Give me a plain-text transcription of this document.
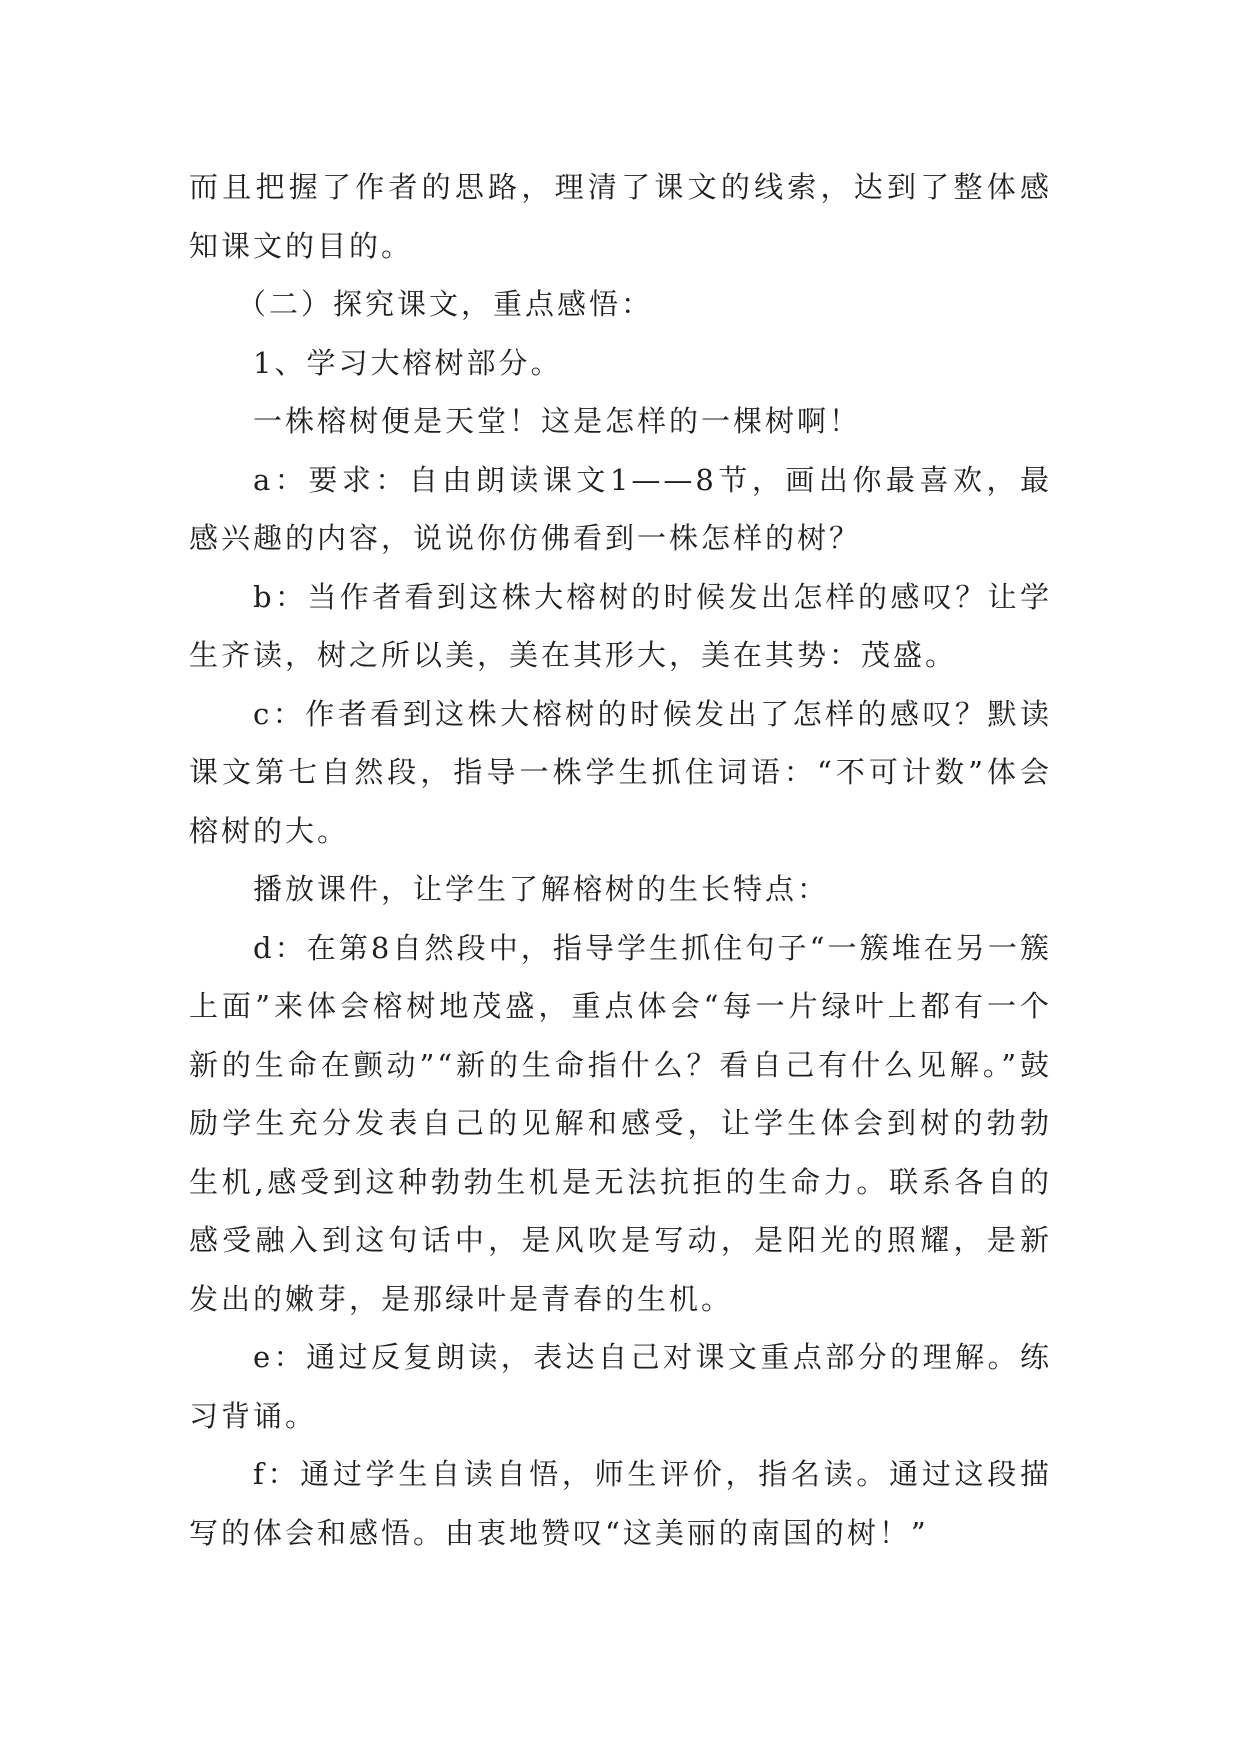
而且把握了作者的思路，理清了课文的线索，达到了整体感知课文的目的。

（二）探究课文，重点感悟：

1、学习大榕树部分。

一株榕树便是天堂！这是怎样的一棵树啊！

a：要求：自由朗读课文1——8节，画出你最喜欢，最感兴趣的内容，说说你仿佛看到一株怎样的树？

b：当作者看到这株大榕树的时候发出怎样的感叹？让学生齐读，树之所以美，美在其形大，美在其势：茂盛。

c：作者看到这株大榕树的时候发出了怎样的感叹？默读课文第七自然段，指导一株学生抓住词语：“不可计数”体会榕树的大。

播放课件，让学生了解榕树的生长特点：

d：在第8自然段中，指导学生抓住句子“一簇堆在另一簇上面”来体会榕树地茂盛，重点体会“每一片绿叶上都有一个新的生命在颤动”“新的生命指什么？看自己有什么见解。”鼓励学生充分发表自己的见解和感受，让学生体会到树的勃勃生机,感受到这种勃勃生机是无法抗拒的生命力。联系各自的感受融入到这句话中，是风吹是写动，是阳光的照耀，是新发出的嫩芽，是那绿叶是青春的生机。

e：通过反复朗读，表达自己对课文重点部分的理解。练习背诵。

f：通过学生自读自悟，师生评价，指名读。通过这段描写的体会和感悟。由衷地赞叹“这美丽的南国的树！”
